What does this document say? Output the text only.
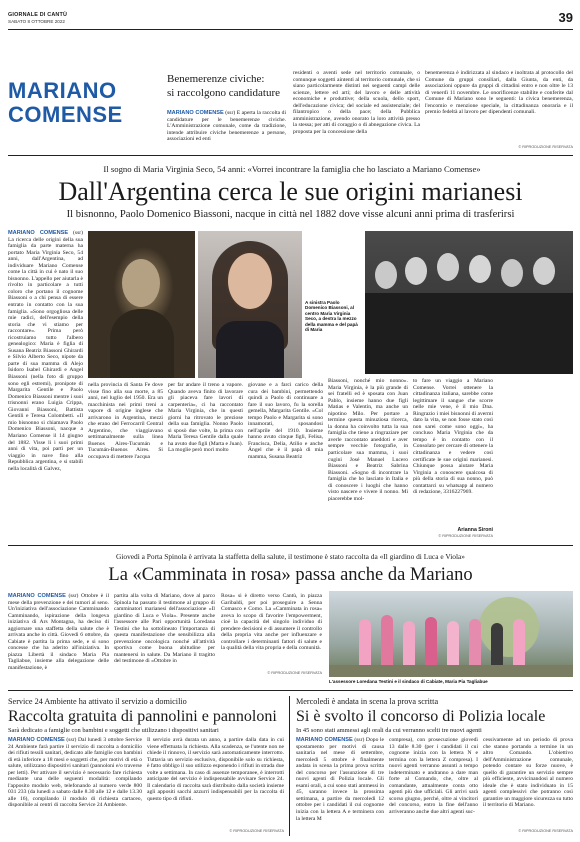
GIORNALE DI CANTÙ
SABATO 8 OTTOBRE 2022	39
MARIANO
COMENSE
Benemerenze civiche:
si raccolgono candidature
MARIANO COMENSE (ssr) È aperta la raccolta di candidature per le benemerenze civiche. L'Amministrazione comunale, come da tradizione, intende attribuire civiche benemerenze a persone, associazioni ed enti
residenti o aventi sede nel territorio comunale, o comunque soggetti aintenti al territorio comunale, che si siano particolarmente distinti nei seguenti campi delle scienze, lettere ed arti; del lavoro e delle attività economiche e produttive; della scuola, dello sport, dell'educazione civica; del sociale ed assistenziale; del filantropico o della pace; della Pubblica amministrazione, avendo onorato la loro attività presso la stessa; per atti di coraggio o di abnegazione civica. La proposta per la concessione della
benemerenza è indirizzata al sindaco e inoltrata al protocollo del Comune da gruppi consiliari, dalla Giunta, da enti, da associazioni oppure da gruppi di cittadini entro e non oltre le 13 di venerdì 11 novembre. Le onorificenze stabilite e conferite dal Comune di Mariano sono le seguenti: la civica benemerenza, l'encomio e menzione speciale, la cittadinanza onoraria e il premio fedeltà al lavoro per dipendenti comunali.
© RIPRODUZIONE RISERVATA
Il sogno di Maria Virginia Seco, 54 anni: «Vorrei incontrare la famiglia che ho lasciato a Mariano Comense»
Dall'Argentina cerca le sue origini marianesi
Il bisnonno, Paolo Domenico Biassoni, nacque in città nel 1882 dove visse alcuni anni prima di trasferirsi
MARIANO COMENSE (ssr) La ricerca delle origini della sua famiglia da parte materna ha portato Maria Virginia Seco, 54 anni, dall'Argentina, ad individuare Mariano Comense come la città in cui è nato il suo bisnonno. L'appello per aiutarla è rivolto in particolare a tutti coloro che portano il cognome Biassoni o a chi pensa di essere entrato in contatto con la sua famiglia. «Sono orgogliosa delle mie radici, dell'esempio della storia che vi stiamo per raccontare». Prima però ricostruiamo tutto l'albero genealogico: Maria è figlia di Susana Beatriz Biassoni Ghirardi e Silvio Alberto Seco, nipote da parte di sua mamma di Alejo Isidoro Isabel Ghirardi e Angel Biassoni (nella foto di gruppo sono egli estremi), pronipote di Margarita Gentile e Paolo Domenico Biassoni mentre i suoi trisnonni erano Luigia Crippa, Giovanni Biassoni, Battista Gentili e Teresa Colombetti. «Il mio bisnonno si chiamava Paolo Domenico Biassoni, nacque a Mariano Comense il 14 giugno del 1882. Visse lì i suoi primi anni di vita, poi partì per un viaggio in nave fino alla Repubblica argentina, e si stabilì nella località di Galvez,
A sinistra Paolo Domenico Biassoni, al centro Maria Virginia Seco, a destra la mezzo della mamma e del papà di Maria
nella provincia di Santa Fe dove visse fino alla sua morte, a 85 anni, nel luglio del 1950. Era un macchinista nei primi treni a vapore di origine inglese che arrivarono in Argentina, mezzi che erano del Ferrocarril Central Argentino, che viaggiavano settimanalmente sulla linea Buenos Aires-Tucumán e Tucumán-Buenos Aires. Si occupava di mettere l'acqua
per far andare il treno a vapore. Quando aveva finito di lavorare gli piaceva fare lavori di carpenteria», ci ha raccontato Maria Virginia, che in questi giorni ha ritrovato le preziose della sua famiglia. Nonno Paolo si sposò due volte, la prima con Maria Teresa Gentile dalla quale ha avuto due figli (Marta e Juan). La moglie però morì molto
giovane e a farci carico della cura dei bambini, permettendo quindi a Paolo di continuare a fare il suo lavoro, fu la sorella gemella, Margarita Gentile. «Col tempo Paolo e Margarita si sono innamorati, sposandosi nell'aprile del 1910. Insieme hanno avuto cinque figli, Felisa, Francisca, Delia, Atilio e anche Ángel che è il papà di mia mamma, Susana Beatriz
Biassoni, nonché mio nonno». Maria Virginia, è la più grande di sei fratelli ed è sposata con Juan Pablo, insieme hanno due figli Matias e Valentin, ma anche un nipotino Milo. Per portare a termine questa minuziosa ricerca, la donna ha coinvolto tutta la sua famiglia che tiene a ringraziare per averle raccontato aneddoti e aver sempre vecchie fotografie, in particolare sua mamma, i suoi cugini José Manuel Lucero Biassoni e Beatriz Sabrina Biassoni. «Sogno di incontrare la famiglia che ho lasciato in Italia e di conoscere i luoghi che hanno visto nascere e vivere il nonno. Mi piacerebbe mol-
to fare un viaggio a Mariano Comense. Vorrei ottenere la cittadinanza italiana, sarebbe come legittimare il sangue che scorre nelle mie vene, è il mio Dna. Ringrazio i miei bisnonni di avermi dato la vita, se non fosse stato così non sarei come sono oggi», ha concluso Maria Virginia che da tempo è in contatto con il Consolato per cercare di ottenere la cittadinanza e vedere così certificate le sue origini marianesi. Chiunque possa aiutare Maria Virginia a conoscere qualcosa di più della storia di sua nonno, può contattarci su whatsapp al numero di redazione, 3316227969.
Arianna Sironi
© RIPRODUZIONE RISERVATA
Giovedì a Porta Spinola è arrivata la staffetta della salute, il testimone è stato raccolta da «Il giardino di Luca e Viola»
La «Camminata in rosa» passa anche da Mariano
MARIANO COMENSE (ssr) Ottobre è il mese della prevenzione e dei tumori al seno. Un'iniziativa dell'associazione Camminando Camminando, ispirazione della longeva iniziativa di Ars Montagna, ha deciso di aggiornare una staffetta della salute che è arrivata anche in città. Giovedì 6 ottobre, da Cabiate è partita la prima sede, e si sono concesse che ha aderito all'iniziativa. In piazza Libertà il sindaco Maria Pia Tagliabue, insieme alla delegazione delle manifestazione, è
partita alla volta di Mariano, dove al parco Spinola ha passato il testimone al gruppo di camminatori marianesi dell'associazione «Il giardino di Luca e Viola». Presente anche l'assessore alle Pari opportunità Loredana Testini che ha sottolineato l'importanza di questa manifestazione che sensibilizza alla prevenzione oncologica nonché all'attività sportiva come buona abitudine per mantenersi in salute. Da Mariano il tragitto del testimone di «Ottobre in
Rosa» si è diretto verso Cantù, in piazza Garibaldi, per poi proseguire a Senna Comasco e Como. La «Camminata in rosa» aveva lo scopo di favorire l'empowerment, cioè la capacità del singolo individuo di prendere decisioni e di assumere il controllo della propria vita anche per influenzare e controllare i determinanti fattori di salute e la qualità della vita propria e della comunità.
© RIPRODUZIONE RISERVATA
L'assessore Loredana Testini e il sindaco di Cabiate, Maria Pia Tagliabue
Service 24 Ambiente ha attivato il servizio a domicilio
Raccolta gratuita di pannolini e pannoloni
Sarà dedicato a famiglie con bambini e soggetti che utilizzano i dispositivi sanitari
MARIANO COMENSE (ssr) Dal lunedì 3 ottobre Service 24 Ambiente farà partire il servizio di raccolta a domicilio dei rifiuti tessili sanitari, dedicato alle famiglie con bambini di età inferiore a 18 mesi e soggetti che, per motivi di età o salute, utilizzano dispositivi sanitari (pannoloni e/o traverse per letti). Per attivare il servizio è necessario fare richiesta mediante una delle seguenti modalità: compilando l'apposito modulo web, telefonando al numero verde 800 031 233 (da lunedì a sabato dalle 8.30 alle 12 e dalle 13.30 alle 16), compilando il modulo di richiesta cartaceo, disponibile ai centri di raccolta Service 24 Ambiente.
Il servizio avrà durata un anno, a partire dalla data in cui viene effettuata la richiesta. Alla scadenza, se l'utente non ne chiede il rinnovo, il servizio sarà automaticamente interrotto. Tuttavia un servizio esclusivo, disponibile solo su richiesta, è fatto obbligo il suo utilizzo esponendo i rifiuti in strada due volte a settimana. In caso di assenze temporanee, è interrotti anticipate del servizio è indispensabile avvisare Service 24. Il calendario di raccolta sarà distribuito dalla società insieme agli appositi sacchi azzurri indispensabili per la raccolta di questo tipo di rifiuti.
© RIPRODUZIONE RISERVATA
Mercoledì è andata in scena la prova scritta
Si è svolto il concorso di Polizia locale
In 45 sono stati ammessi agli orali da cui verranno scelti tre nuovi agenti
MARIANO COMENSE (ssr) Dopo le spostamento per motivi di causa sanitaria nel mese di settembre, mercoledì 5 ottobre è finalmente andata in scena la prima prova scritta del concorso per l'assunzione di tre nuovi agenti di Polizia locale. Gli esami orali, a cui sono stati ammessi in 45, saranno invece la prossima settimana, a partire da mercoledì 12 ottobre per i candidati il cui cognome inizia con la lettera A e terminera con la lettera M
compresa), con prosecuzione giovedì 13 dalle 8.30 (per i candidati il cui cognome inizia con la lettera N e termina con la lettera Z compresa). I nuovi agenti verranno assunti a tempo indeterminato e andranno a dare man forte al Comando, che, oltre al comandante, attualmente conta otto agenti più due ufficiali. Gli arrivi sarà scorso giugno, perché, oltre ai vincitori del concorso, entro la fine dell'anno arriveranno anche due altri agenti suc-
cessivamente ad un periodo di prova che stanno portando a termine in un altro Comando. L'obiettivo dell'Amministrazione comunale, potendo contare su forze nuove, è quello di garantire un servizio sempre più efficiente, avvicinandosi al numero ideale che è stato individuato in 15 agenti complessivi che potranno così garantire un maggiore sicurezza su tutto il territorio di Mariano.
© RIPRODUZIONE RISERVATA
